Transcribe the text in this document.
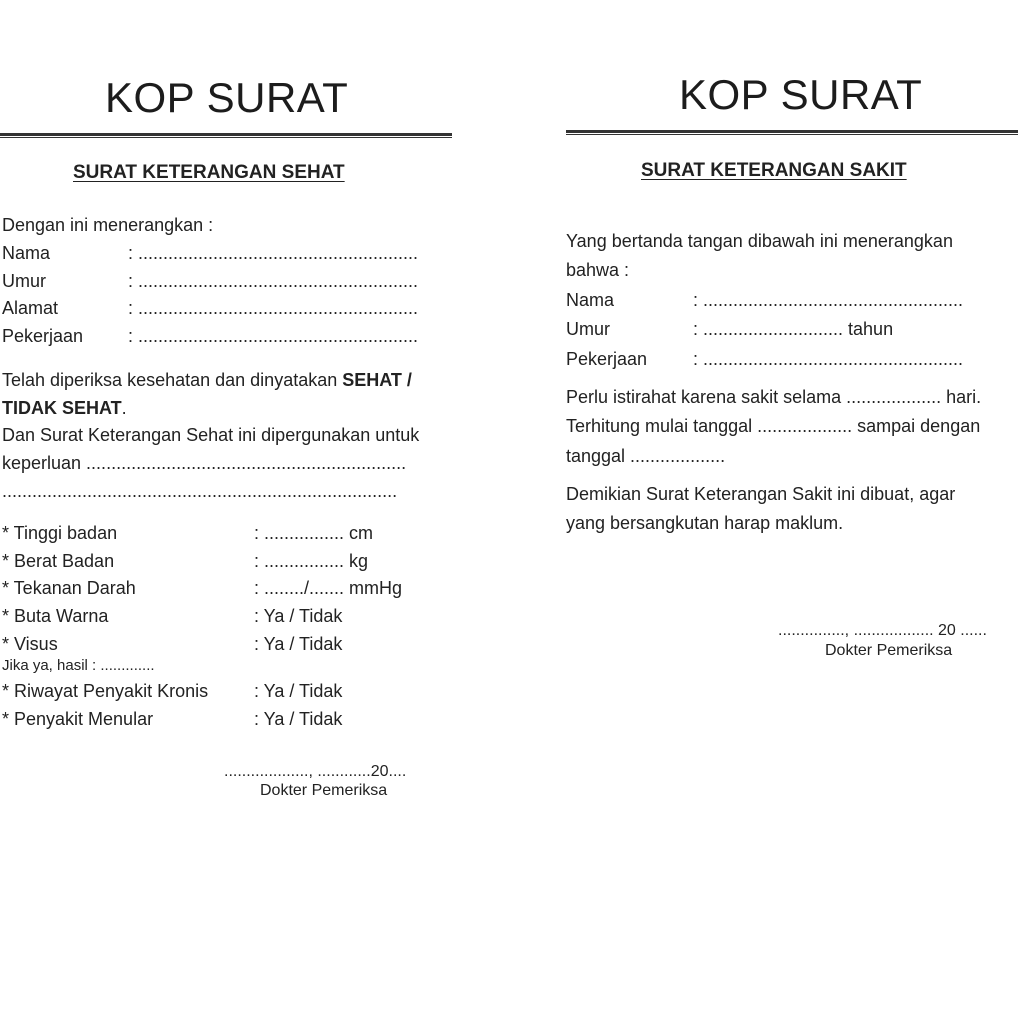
KOP SURAT
SURAT KETERANGAN SEHAT
Dengan ini menerangkan :
Nama	: ........................................................
Umur	: ........................................................
Alamat	: ........................................................
Pekerjaan : ........................................................
Telah diperiksa kesehatan dan dinyatakan SEHAT /
TIDAK SEHAT.
Dan Surat Keterangan Sehat ini dipergunakan untuk
keperluan ................................................................
...............................................................................
* Tinggi badan	: ................ cm
* Berat Badan	: ................ kg
* Tekanan Darah	: ......../....... mmHg
* Buta Warna	: Ya / Tidak
* Visus	: Ya / Tidak
Jika ya, hasil : .............
* Riwayat Penyakit Kronis	: Ya / Tidak
* Penyakit Menular	: Ya / Tidak
..................., ............20....
Dokter Pemeriksa
KOP SURAT
SURAT KETERANGAN SAKIT
Yang bertanda tangan dibawah ini menerangkan
bahwa :
Nama	: ....................................................
Umur	: ............................ tahun
Pekerjaan	: ....................................................
Perlu istirahat karena sakit selama ................... hari.
Terhitung mulai tanggal ................... sampai dengan
tanggal ...................
Demikian Surat Keterangan Sakit ini dibuat, agar
yang bersangkutan harap maklum.
..............., .................. 20 ......
Dokter Pemeriksa
